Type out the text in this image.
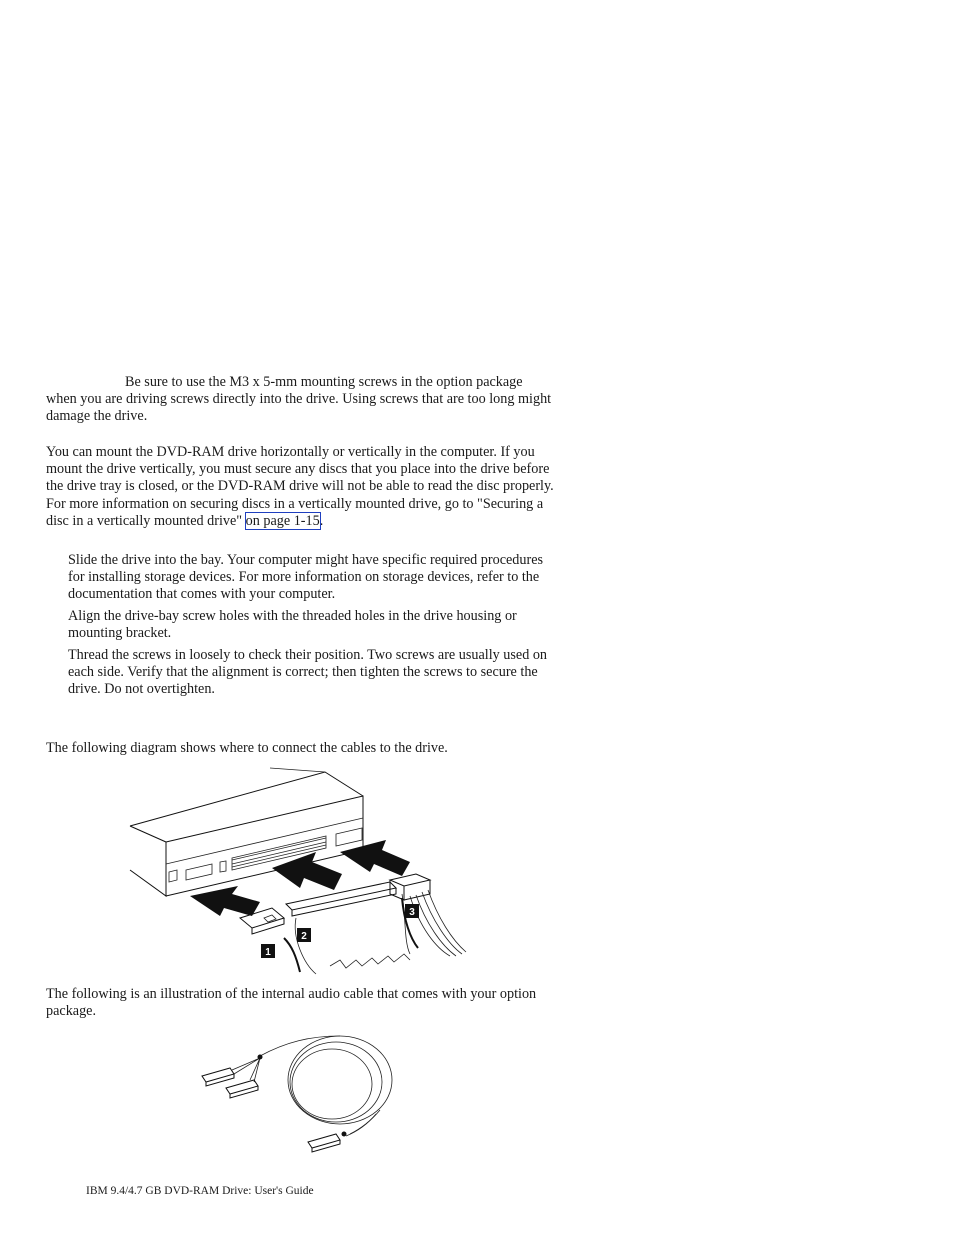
Be sure to use the M3 x 5-mm mounting screws in the option package when you are driving screws directly into the drive. Using screws that are too long might damage the drive.

You can mount the DVD-RAM drive horizontally or vertically in the computer. If you mount the drive vertically, you must secure any discs that you place into the drive before the drive tray is closed, or the DVD-RAM drive will not be able to read the disc properly. For more information on securing discs in a vertically mounted drive, go to "Securing a disc in a vertically mounted drive" on page 1-15.

Slide the drive into the bay. Your computer might have specific required procedures for installing storage devices. For more information on storage devices, refer to the documentation that comes with your computer.

Align the drive-bay screw holes with the threaded holes in the drive housing or mounting bracket.

Thread the screws in loosely to check their position. Two screws are usually used on each side. Verify that the alignment is correct; then tighten the screws to secure the drive. Do not overtighten.

The following diagram shows where to connect the cables to the drive.

1
2
3

The following is an illustration of the internal audio cable that comes with your option package.

IBM 9.4/4.7 GB DVD-RAM Drive: User's Guide
